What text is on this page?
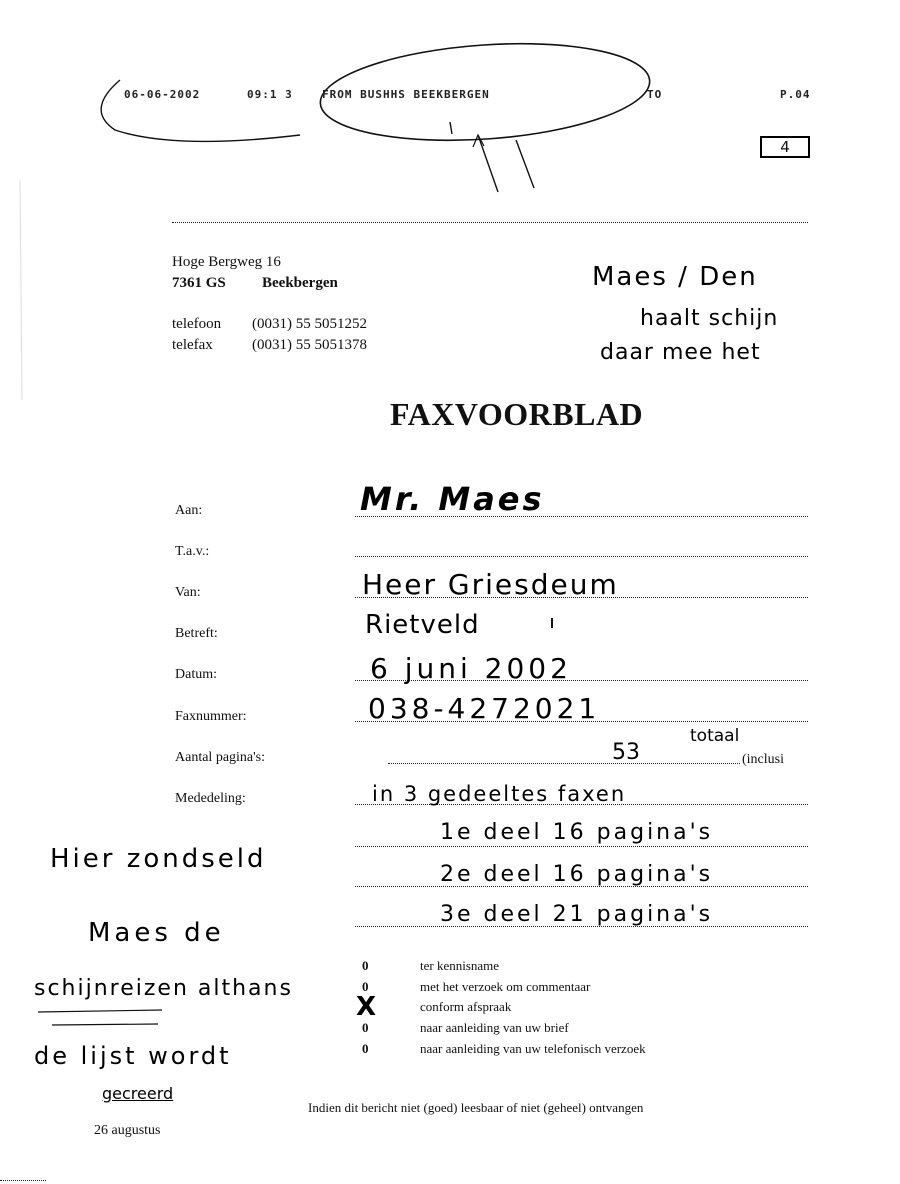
06-06-2002	09:1 3	FROM BUSHHS BEEKBERGEN	TO	P.04
4
Hoge Bergweg 16
7361 GS Beekbergen
telefoon (0031) 55 5051252
telefax	(0031) 55 5051378
Maes / Den
haalt schijn
daar mee het
FAXVOORBLAD
Aan:	Mr. Maes
T.a.v.:
Van:	Heer Griesdeum
Betreft:	Rietveld
Datum:	6 juni 2002
Faxnummer:	038-4272021
Aantal pagina's:	53
totaal
(inclusi
Mededeling:	in 3 gedeeltes faxen
1e deel 16 pagina's
2e deel 16 pagina's
3e deel 21 pagina's
0	ter kennisname
0	met het verzoek om commentaar
X	conform afspraak
0	naar aanleiding van uw brief
0	naar aanleiding van uw telefonisch verzoek
Hier zondseld
Maes de
schijnreizen althans
de lijst wordt
gecreerd
Indien dit bericht niet (goed) leesbaar of niet (geheel) ontvangen
26 augustus
